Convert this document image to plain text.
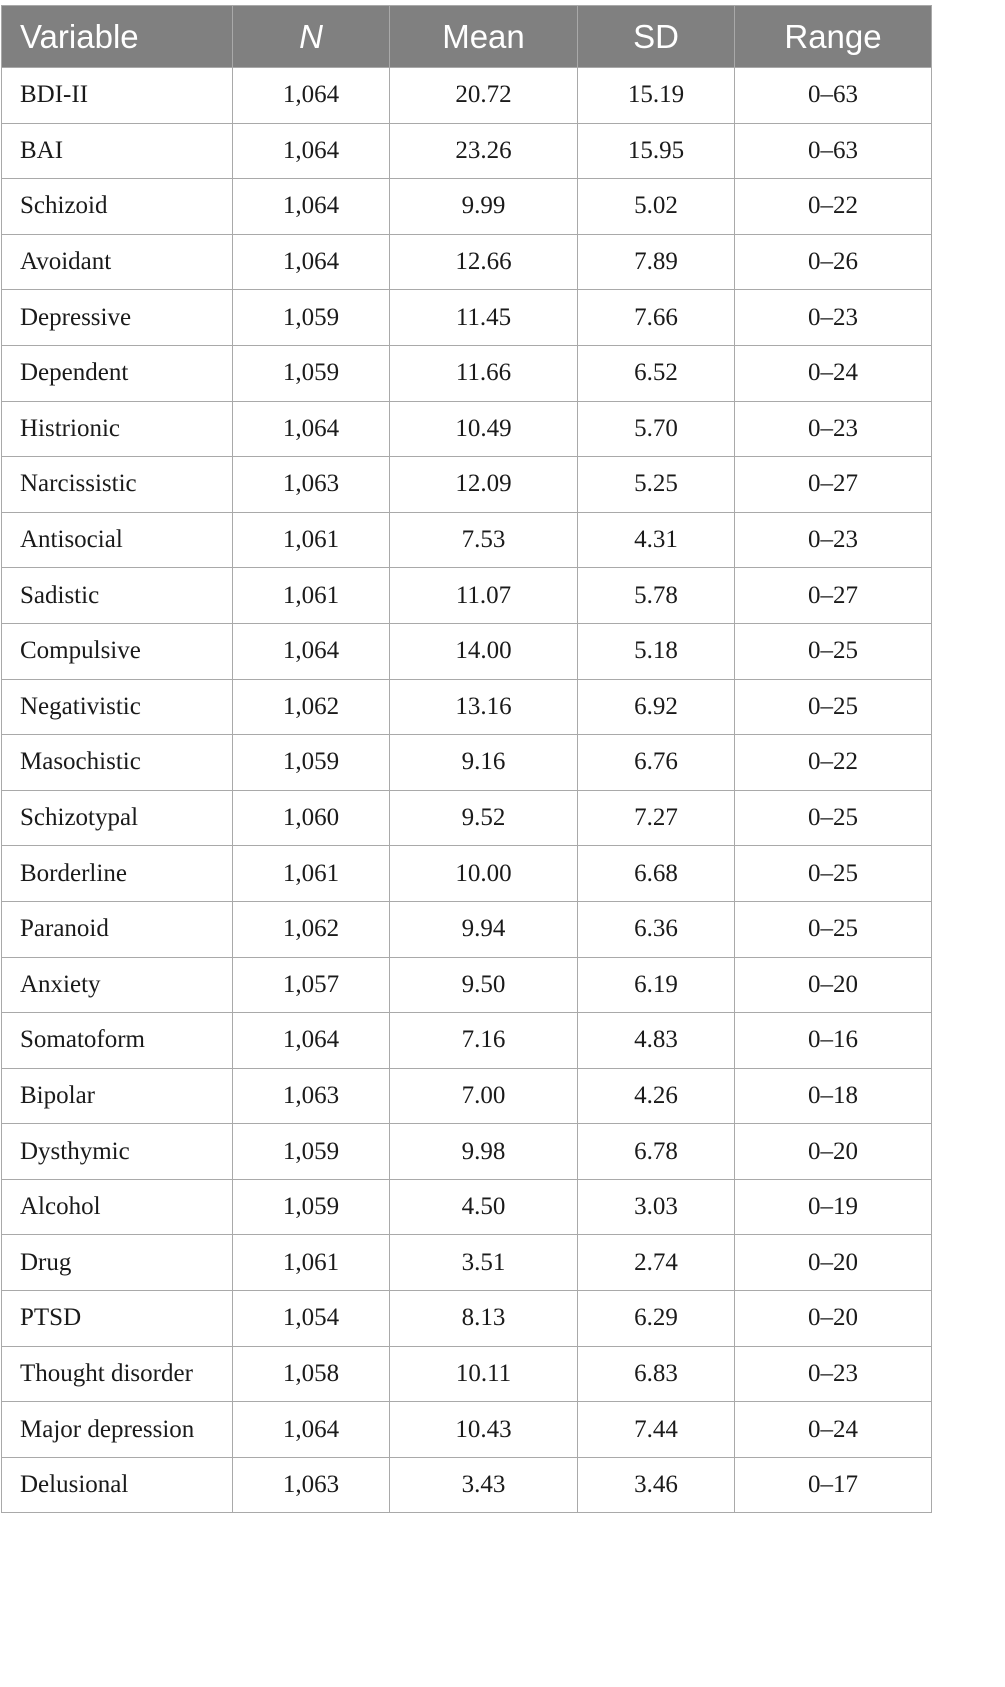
Variable	N	Mean	SD	Range
BDI-II	1,064	20.72	15.19	0–63
BAI	1,064	23.26	15.95	0–63
Schizoid	1,064	9.99	5.02	0–22
Avoidant	1,064	12.66	7.89	0–26
Depressive	1,059	11.45	7.66	0–23
Dependent	1,059	11.66	6.52	0–24
Histrionic	1,064	10.49	5.70	0–23
Narcissistic	1,063	12.09	5.25	0–27
Antisocial	1,061	7.53	4.31	0–23
Sadistic	1,061	11.07	5.78	0–27
Compulsive	1,064	14.00	5.18	0–25
Negativistic	1,062	13.16	6.92	0–25
Masochistic	1,059	9.16	6.76	0–22
Schizotypal	1,060	9.52	7.27	0–25
Borderline	1,061	10.00	6.68	0–25
Paranoid	1,062	9.94	6.36	0–25
Anxiety	1,057	9.50	6.19	0–20
Somatoform	1,064	7.16	4.83	0–16
Bipolar	1,063	7.00	4.26	0–18
Dysthymic	1,059	9.98	6.78	0–20
Alcohol	1,059	4.50	3.03	0–19
Drug	1,061	3.51	2.74	0–20
PTSD	1,054	8.13	6.29	0–20
Thought disorder	1,058	10.11	6.83	0–23
Major depression	1,064	10.43	7.44	0–24
Delusional	1,063	3.43	3.46	0–17
